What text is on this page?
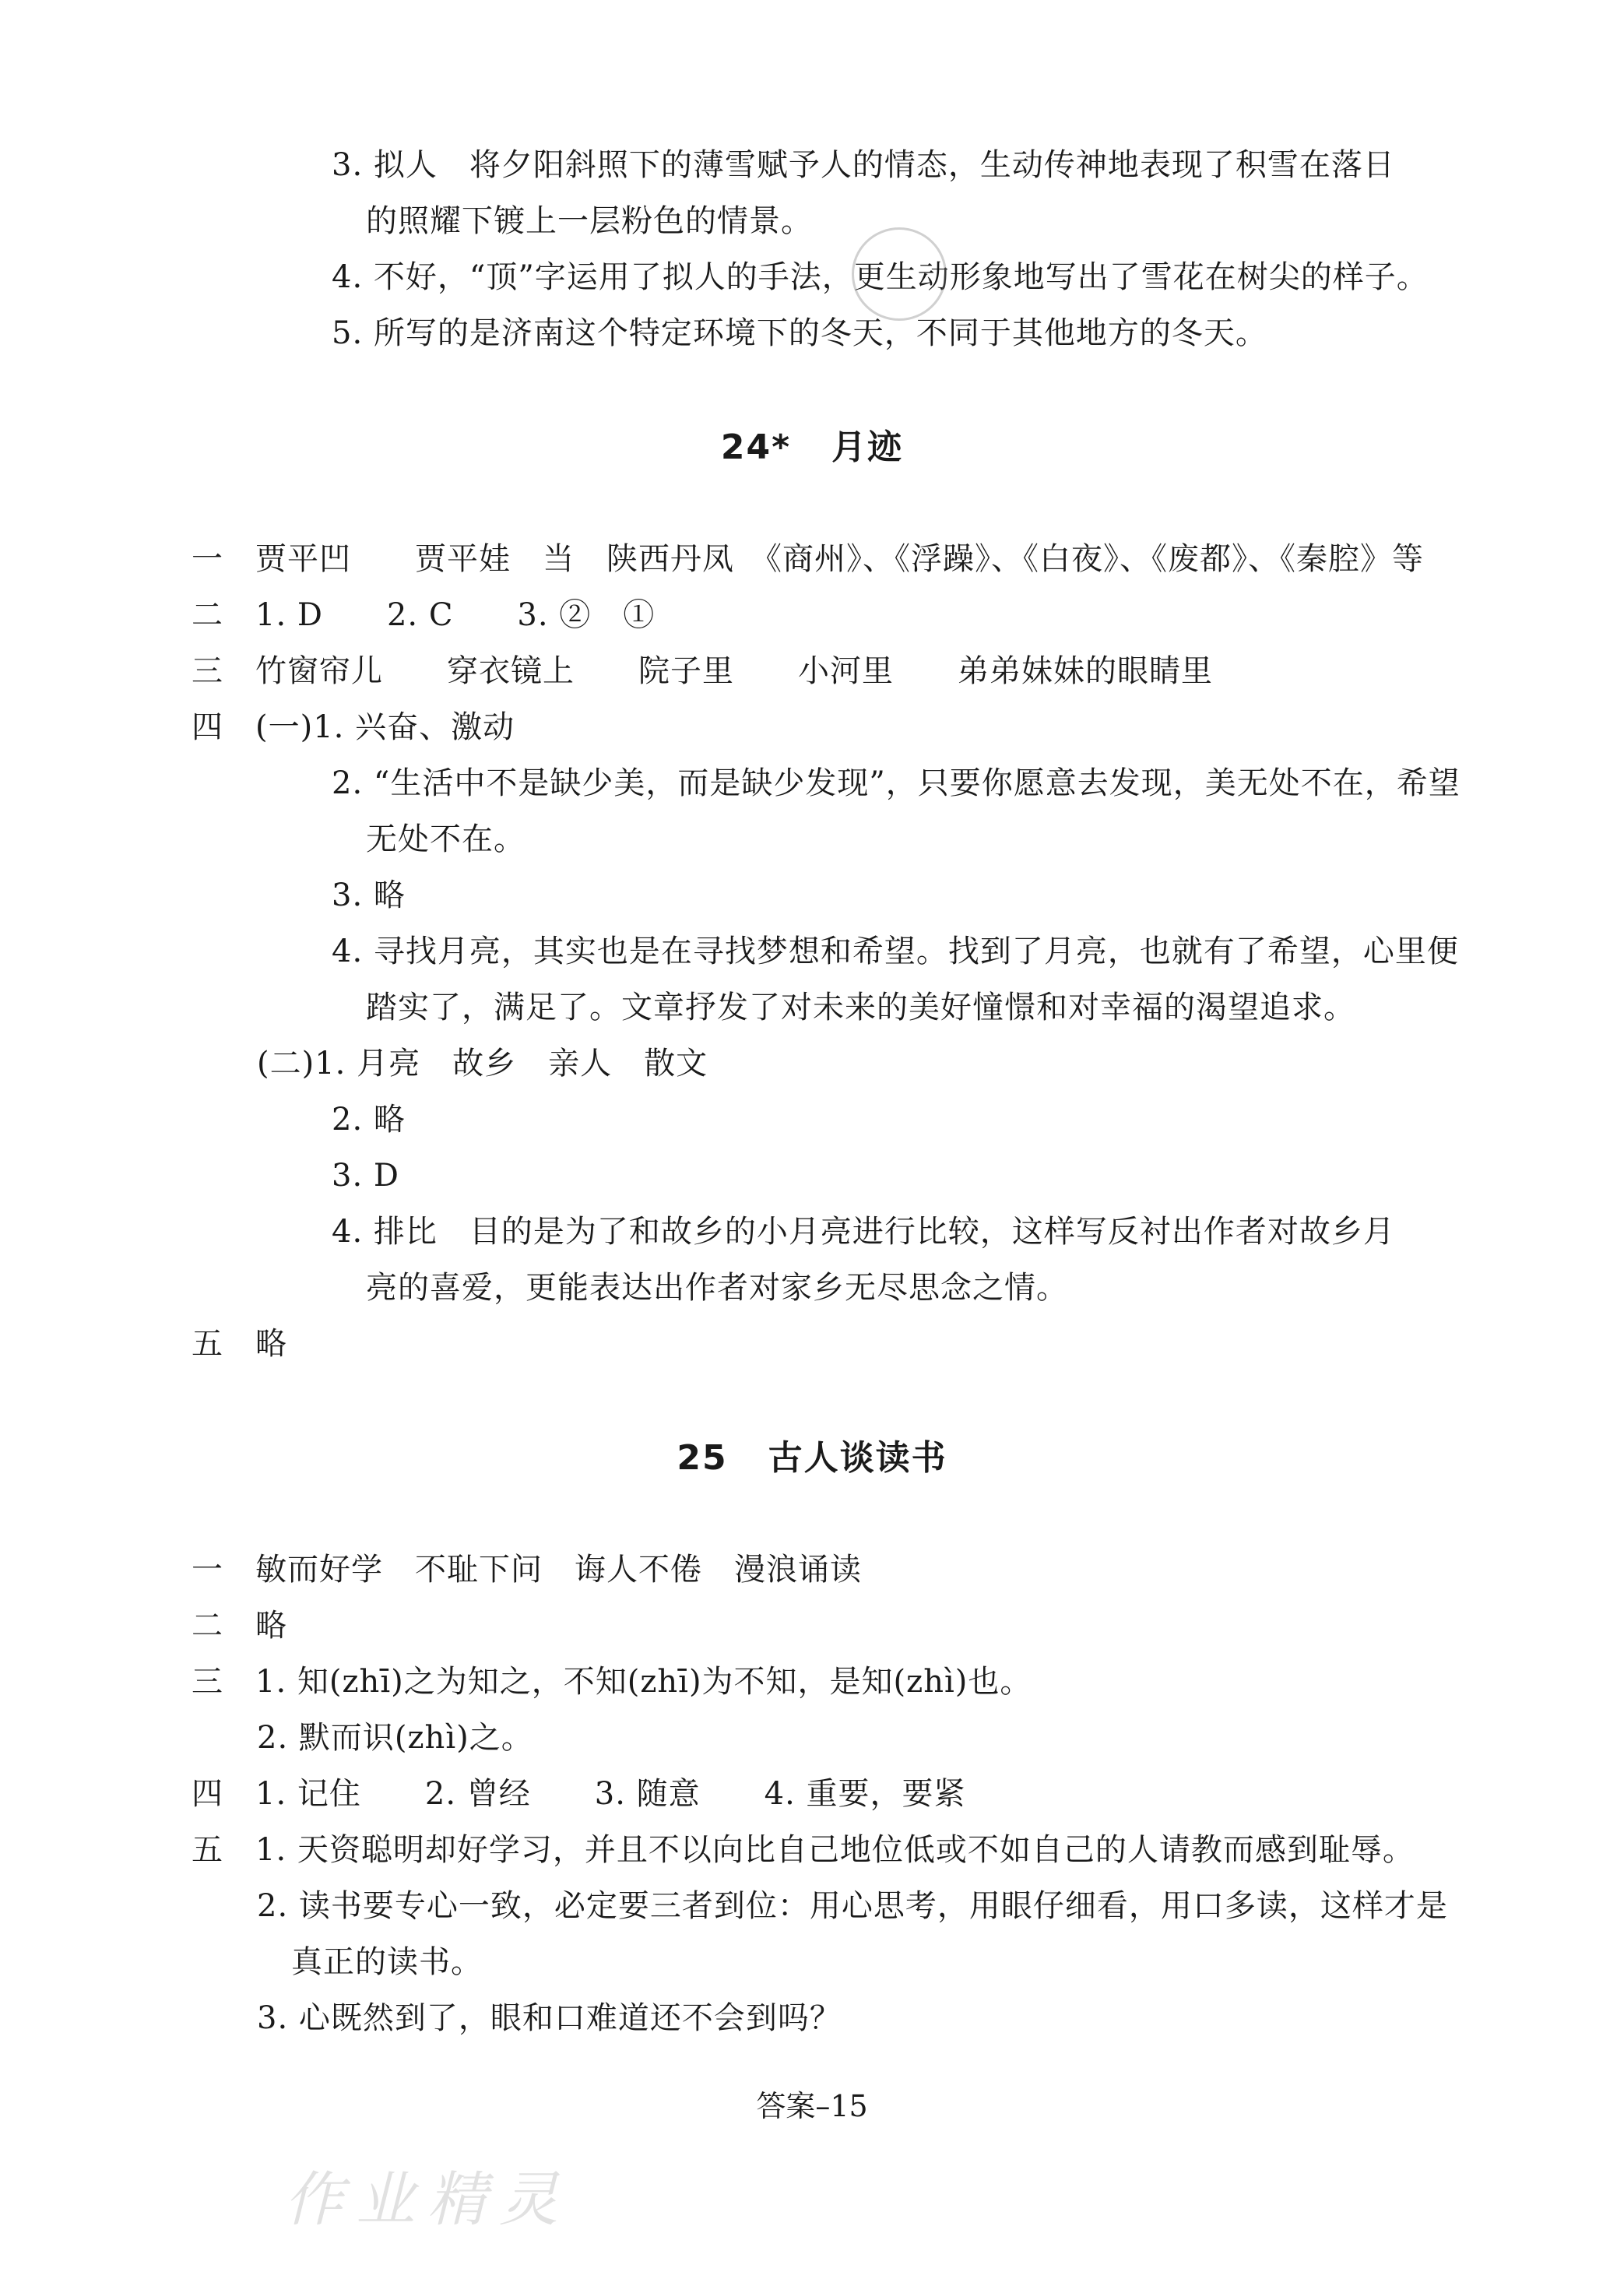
3. 拟人　将夕阳斜照下的薄雪赋予人的情态，生动传神地表现了积雪在落日
的照耀下镀上一层粉色的情景。
4. 不好，“顶”字运用了拟人的手法，更生动形象地写出了雪花在树尖的样子。
5. 所写的是济南这个特定环境下的冬天，不同于其他地方的冬天。
24* 月迹
一　贾平凹　　贾平娃　当　陕西丹凤　《商州》、《浮躁》、《白夜》、《废都》、《秦腔》等
二　1. D　　2. C　　3. ②　①
三　竹窗帘儿　　穿衣镜上　　院子里　　小河里　　弟弟妹妹的眼睛里
四　(一)1. 兴奋、激动
2. “生活中不是缺少美，而是缺少发现”，只要你愿意去发现，美无处不在，希望
无处不在。
3. 略
4. 寻找月亮，其实也是在寻找梦想和希望。找到了月亮，也就有了希望，心里便
踏实了，满足了。文章抒发了对未来的美好憧憬和对幸福的渴望追求。
(二)1. 月亮　故乡　亲人　散文
2. 略
3. D
4. 排比　目的是为了和故乡的小月亮进行比较，这样写反衬出作者对故乡月
亮的喜爱，更能表达出作者对家乡无尽思念之情。
五　略
25 古人谈读书
一　敏而好学　不耻下问　诲人不倦　漫浪诵读
二　略
三　1. 知(zhī)之为知之，不知(zhī)为不知，是知(zhì)也。
2. 默而识(zhì)之。
四　1. 记住　　2. 曾经　　3. 随意　　4. 重要，要紧
五　1. 天资聪明却好学习，并且不以向比自己地位低或不如自己的人请教而感到耻辱。
2. 读书要专心一致，必定要三者到位：用心思考，用眼仔细看，用口多读，这样才是
真正的读书。
3. 心既然到了，眼和口难道还不会到吗？
答案–15
作业精灵
